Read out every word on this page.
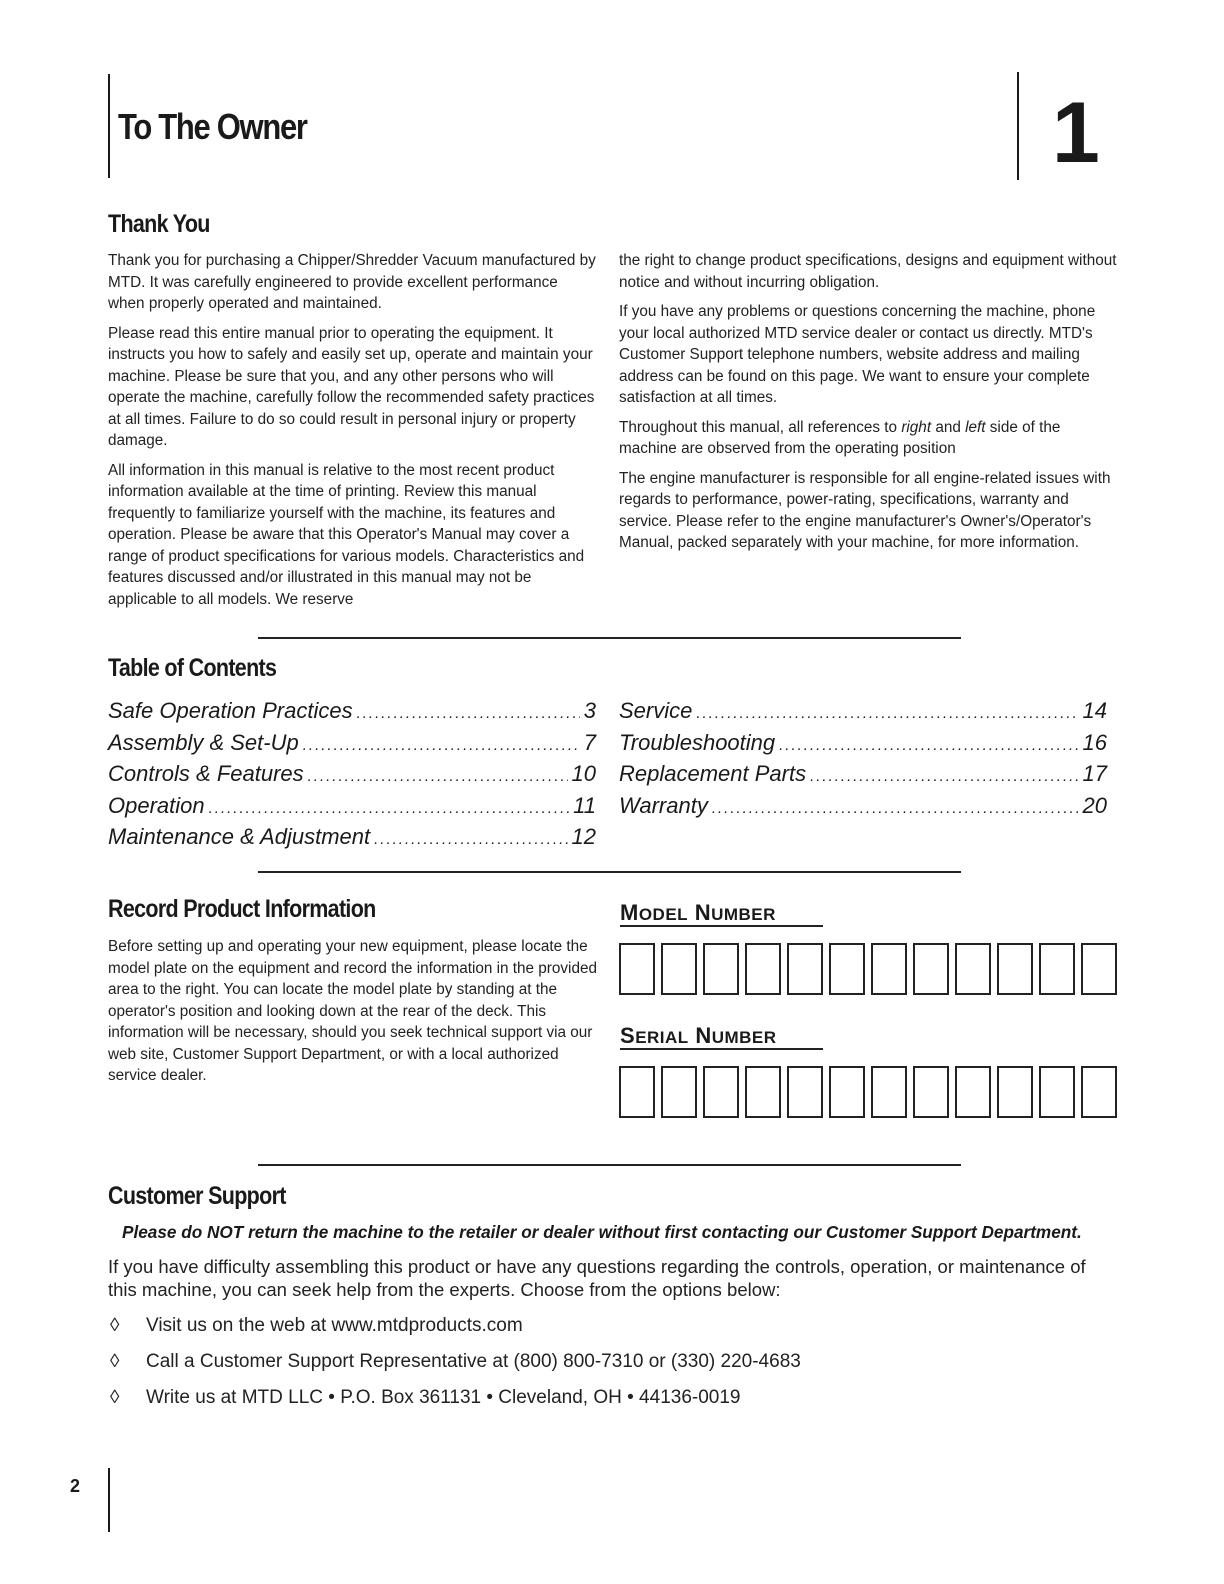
To The Owner	1
Thank You

Thank you for purchasing a Chipper/Shredder Vacuum manufactured by MTD. It was carefully engineered to provide excellent performance when properly operated and maintained.

Please read this entire manual prior to operating the equipment. It instructs you how to safely and easily set up, operate and maintain your machine. Please be sure that you, and any other persons who will operate the machine, carefully follow the recommended safety practices at all times. Failure to do so could result in personal injury or property damage.

All information in this manual is relative to the most recent product information available at the time of printing. Review this manual frequently to familiarize yourself with the machine, its features and operation. Please be aware that this Operator's Manual may cover a range of product specifications for various models. Characteristics and features discussed and/or illustrated in this manual may not be applicable to all models. We reserve

the right to change product specifications, designs and equipment without notice and without incurring obligation.

If you have any problems or questions concerning the machine, phone your local authorized MTD service dealer or contact us directly. MTD's Customer Support telephone numbers, website address and mailing address can be found on this page. We want to ensure your complete satisfaction at all times.

Throughout this manual, all references to right and left side of the machine are observed from the operating position

The engine manufacturer is responsible for all engine-related issues with regards to performance, power-rating, specifications, warranty and service. Please refer to the engine manufacturer's Owner's/Operator's Manual, packed separately with your machine, for more information.

Table of Contents
Safe Operation Practices .....	3
Assembly & Set-Up .....	7
Controls & Features .....	10
Operation .....	11
Maintenance & Adjustment .....	12
Service .....	14
Troubleshooting .....	16
Replacement Parts .....	17
Warranty .....	20
Record Product Information

Before setting up and operating your new equipment, please locate the model plate on the equipment and record the information in the provided area to the right. You can locate the model plate by standing at the operator's position and looking down at the rear of the deck. This information will be necessary, should you seek technical support via our web site, Customer Support Department, or with a local authorized service dealer.

MODEL NUMBER
SERIAL NUMBER
Customer Support
Please do NOT return the machine to the retailer or dealer without first contacting our Customer Support Department.
If you have difficulty assembling this product or have any questions regarding the controls, operation, or maintenance of this machine, you can seek help from the experts. Choose from the options below:
◊	Visit us on the web at www.mtdproducts.com
◊	Call a Customer Support Representative at (800) 800-7310 or (330) 220-4683
◊	Write us at MTD LLC • P.O. Box 361131 • Cleveland, OH • 44136-0019
2
